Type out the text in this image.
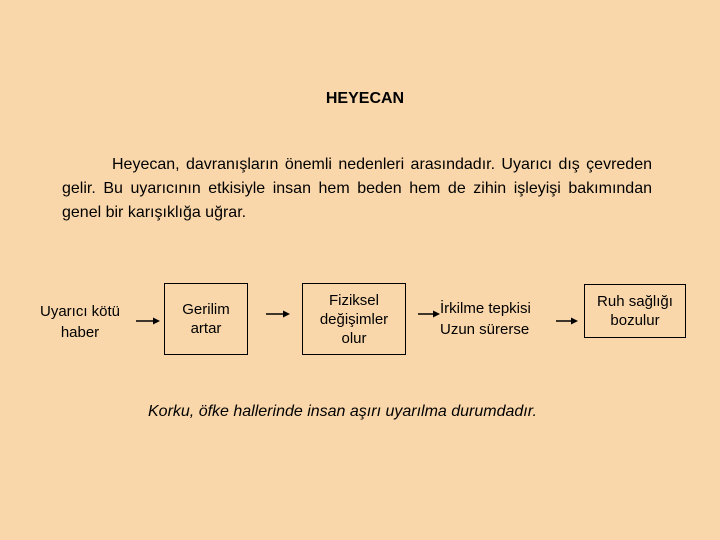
HEYECAN
Heyecan, davranışların önemli nedenleri arasındadır. Uyarıcı dış çevreden gelir. Bu uyarıcının etkisiyle insan hem beden hem de zihin işleyişi bakımından genel bir karışıklığa uğrar.
Uyarıcı kötü
haber
Gerilim
artar
Fiziksel
değişimler
olur
İrkilme tepkisi
Uzun sürerse
Ruh sağlığı
bozulur
Korku, öfke hallerinde insan aşırı uyarılma durumdadır.
